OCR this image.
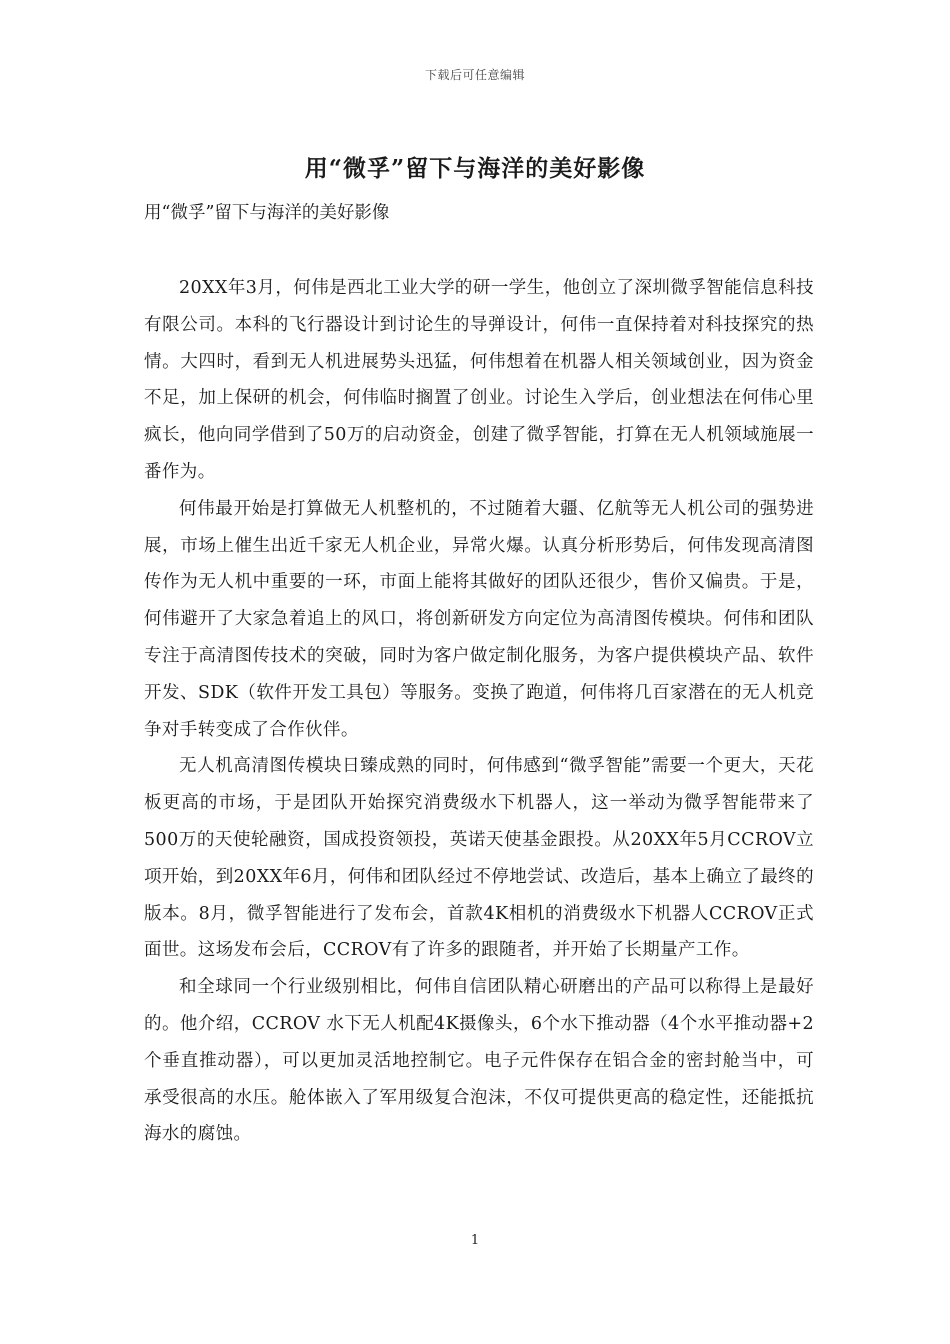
下载后可任意编辑
用“微孚”留下与海洋的美好影像

用“微孚”留下与海洋的美好影像

20XX年3月，何伟是西北工业大学的研一学生，他创立了深圳微孚智能信息科技有限公司。本科的飞行器设计到讨论生的导弹设计，何伟一直保持着对科技探究的热情。大四时，看到无人机进展势头迅猛，何伟想着在机器人相关领域创业，因为资金不足，加上保研的机会，何伟临时搁置了创业。讨论生入学后，创业想法在何伟心里疯长，他向同学借到了50万的启动资金，创建了微孚智能，打算在无人机领域施展一番作为。

何伟最开始是打算做无人机整机的，不过随着大疆、亿航等无人机公司的强势进展，市场上催生出近千家无人机企业，异常火爆。认真分析形势后，何伟发现高清图传作为无人机中重要的一环，市面上能将其做好的团队还很少，售价又偏贵。于是，何伟避开了大家急着追上的风口，将创新研发方向定位为高清图传模块。何伟和团队专注于高清图传技术的突破，同时为客户做定制化服务，为客户提供模块产品、软件开发、SDK（软件开发工具包）等服务。变换了跑道，何伟将几百家潜在的无人机竞争对手转变成了合作伙伴。

无人机高清图传模块日臻成熟的同时，何伟感到“微孚智能”需要一个更大，天花板更高的市场，于是团队开始探究消费级水下机器人，这一举动为微孚智能带来了500万的天使轮融资，国成投资领投，英诺天使基金跟投。从20XX年5月CCROV立项开始，到20XX年6月，何伟和团队经过不停地尝试、改造后，基本上确立了最终的版本。8月，微孚智能进行了发布会，首款4K相机的消费级水下机器人CCROV正式面世。这场发布会后，CCROV有了许多的跟随者，并开始了长期量产工作。

和全球同一个行业级别相比，何伟自信团队精心研磨出的产品可以称得上是最好的。他介绍，CCROV 水下无人机配4K摄像头，6个水下推动器（4个水平推动器+2个垂直推动器），可以更加灵活地控制它。电子元件保存在铝合金的密封舱当中，可承受很高的水压。舱体嵌入了军用级复合泡沫，不仅可提供更高的稳定性，还能抵抗海水的腐蚀。

1
